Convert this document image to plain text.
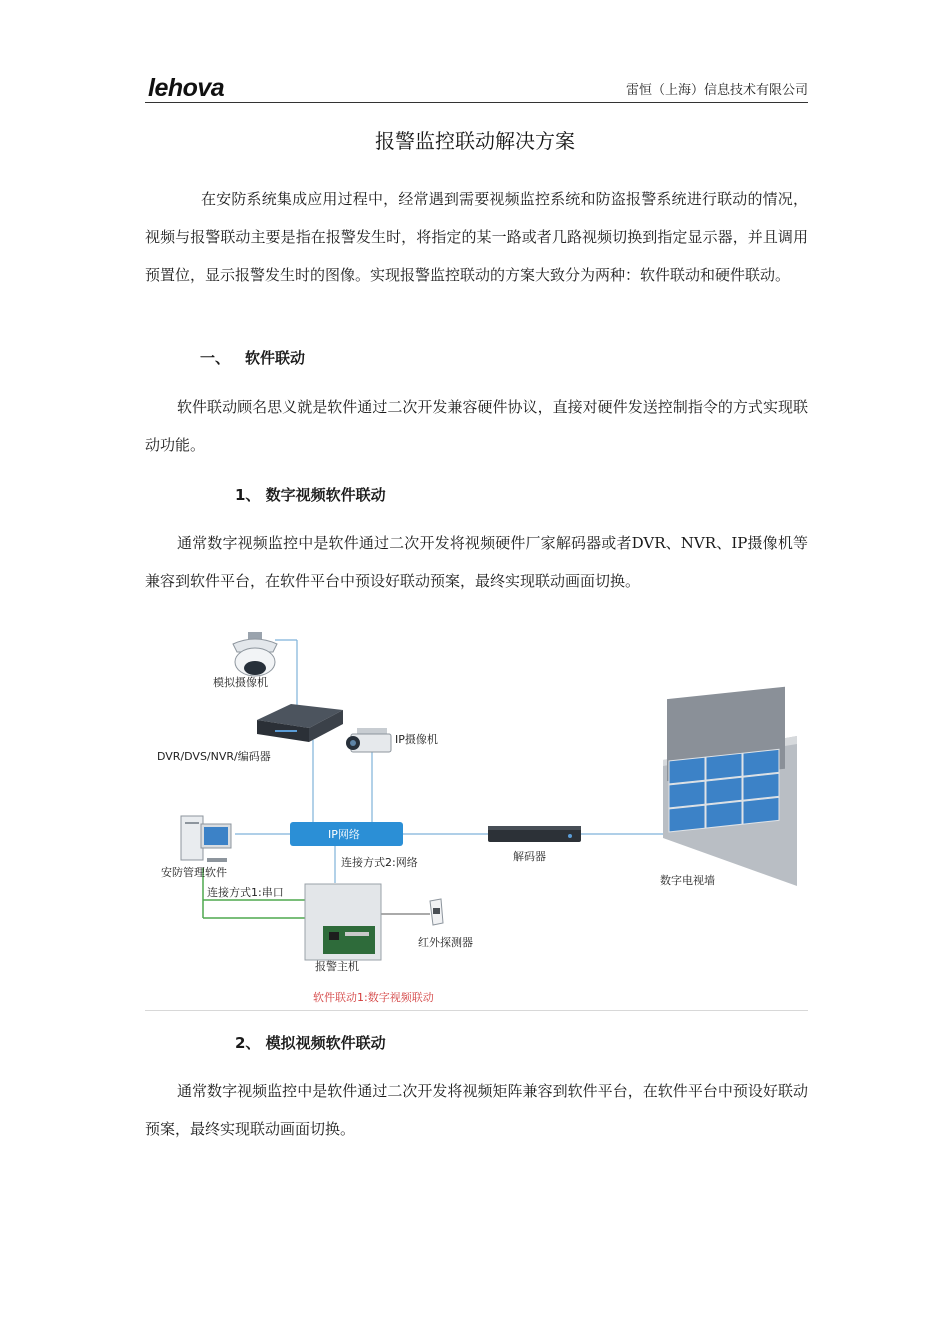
lehova	雷恒（上海）信息技术有限公司
报警监控联动解决方案

在安防系统集成应用过程中，经常遇到需要视频监控系统和防盗报警系统进行联动的情况，视频与报警联动主要是指在报警发生时，将指定的某一路或者几路视频切换到指定显示器，并且调用预置位，显示报警发生时的图像。实现报警监控联动的方案大致分为两种：软件联动和硬件联动。

一、 软件联动

软件联动顾名思义就是软件通过二次开发兼容硬件协议，直接对硬件发送控制指令的方式实现联动功能。

1、 数字视频软件联动

通常数字视频监控中是软件通过二次开发将视频硬件厂家解码器或者DVR、NVR、IP摄像机等兼容到软件平台，在软件平台中预设好联动预案，最终实现联动画面切换。

模拟摄像机
DVR/DVS/NVR/编码器
IP摄像机
安防管理软件
IP网络
解码器
数字电视墙
连接方式2:网络
连接方式1:串口
报警主机
红外探测器
软件联动1:数字视频联动
2、 模拟视频软件联动

通常数字视频监控中是软件通过二次开发将视频矩阵兼容到软件平台，在软件平台中预设好联动预案，最终实现联动画面切换。
